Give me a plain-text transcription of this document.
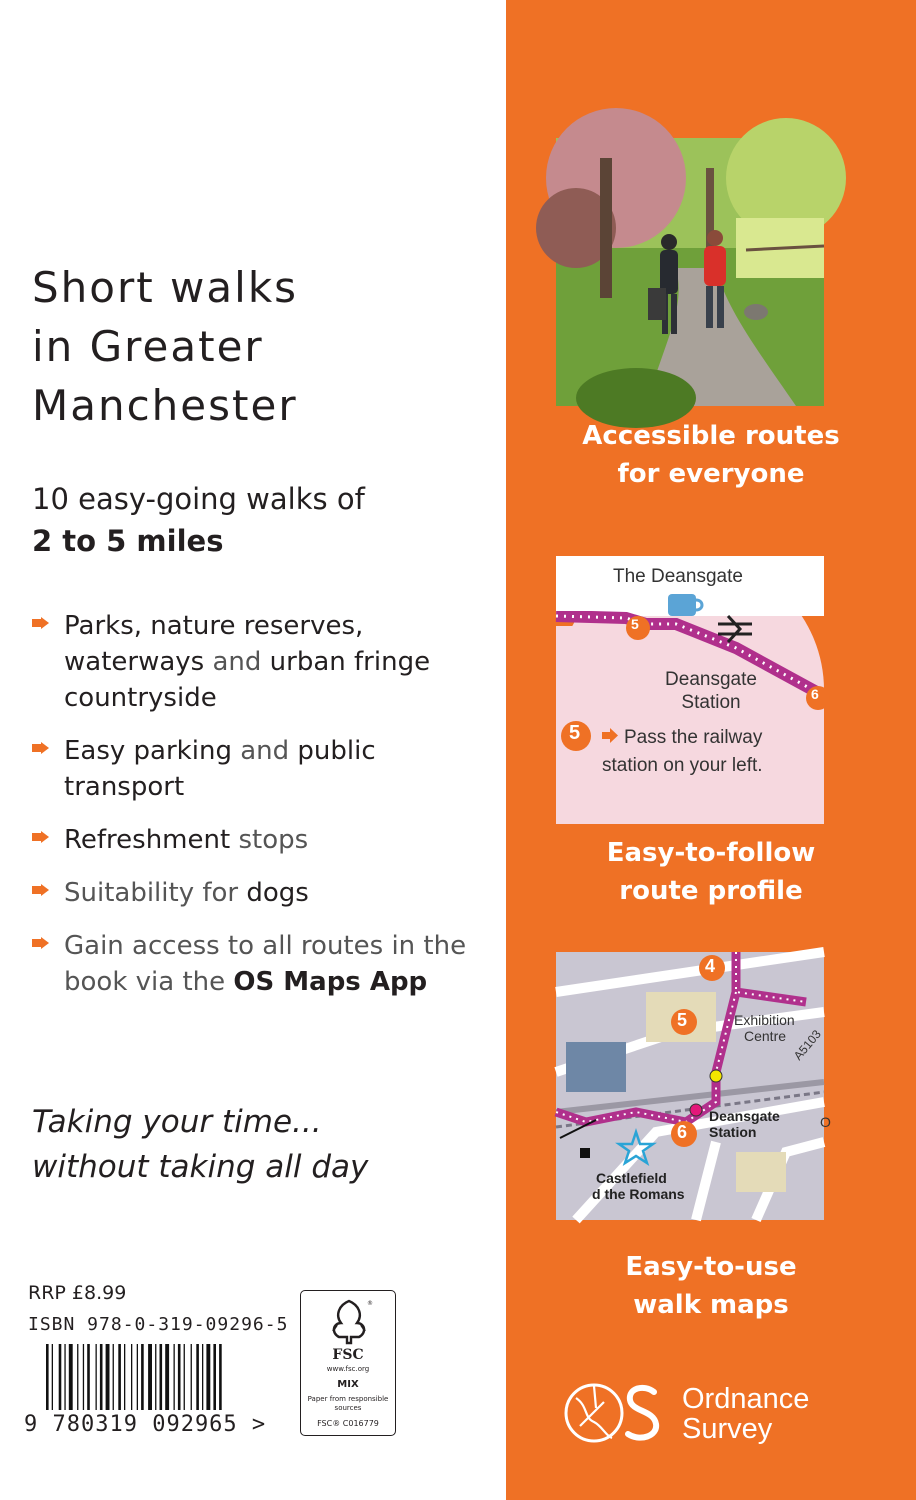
Short walks
in Greater
Manchester
10 easy-going walks of
2 to 5 miles
Parks, nature reserves,
waterways and urban fringe
countryside
Easy parking and public
transport
Refreshment stops
Suitability for dogs
Gain access to all routes in the
book via the OS Maps App
Taking your time...
without taking all day
RRP £8.99
ISBN 978-0-319-09296-5
9 780319 092965 >
®
FSC
www.fsc.org
MIX
Paper from responsible sources
FSC® C016779
Accessible routes
for everyone
The Deansgate
5
6
Deansgate
Station
5	Pass the railway
station on your left.
Easy-to-follow
route profile
4
5
6
Exhibition
Centre A5103
Deansgate
Station
O
Castlefield
d the Romans
Easy-to-use
walk maps
Ordnance
Survey
